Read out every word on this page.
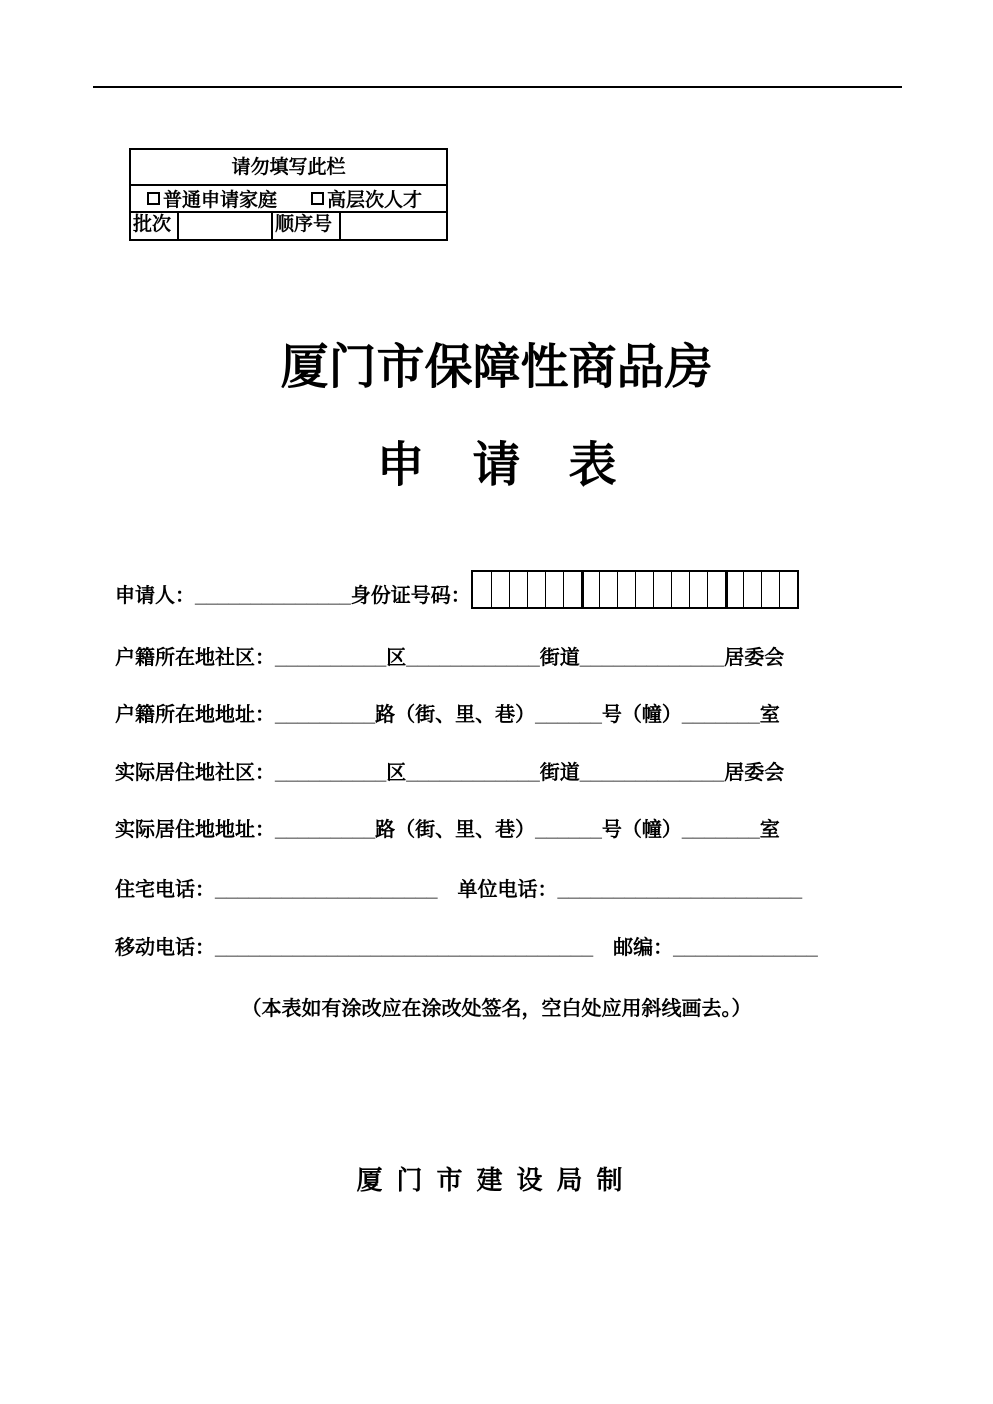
请勿填写此栏
普通申请家庭	高层次人才
批次	顺序号
厦门市保障性商品房
申　请　表
申请人：______________身份证号码：
户籍所在地社区：__________区____________街道_____________居委会
户籍所在地地址：_________路（街、里、巷）______号（幢）_______室
实际居住地社区：__________区____________街道_____________居委会
实际居住地地址：_________路（街、里、巷）______号（幢）_______室
住宅电话：____________________　单位电话：______________________
移动电话：__________________________________　邮编：_____________
（本表如有涂改应在涂改处签名，空白处应用斜线画去。）
厦门市建设局制
